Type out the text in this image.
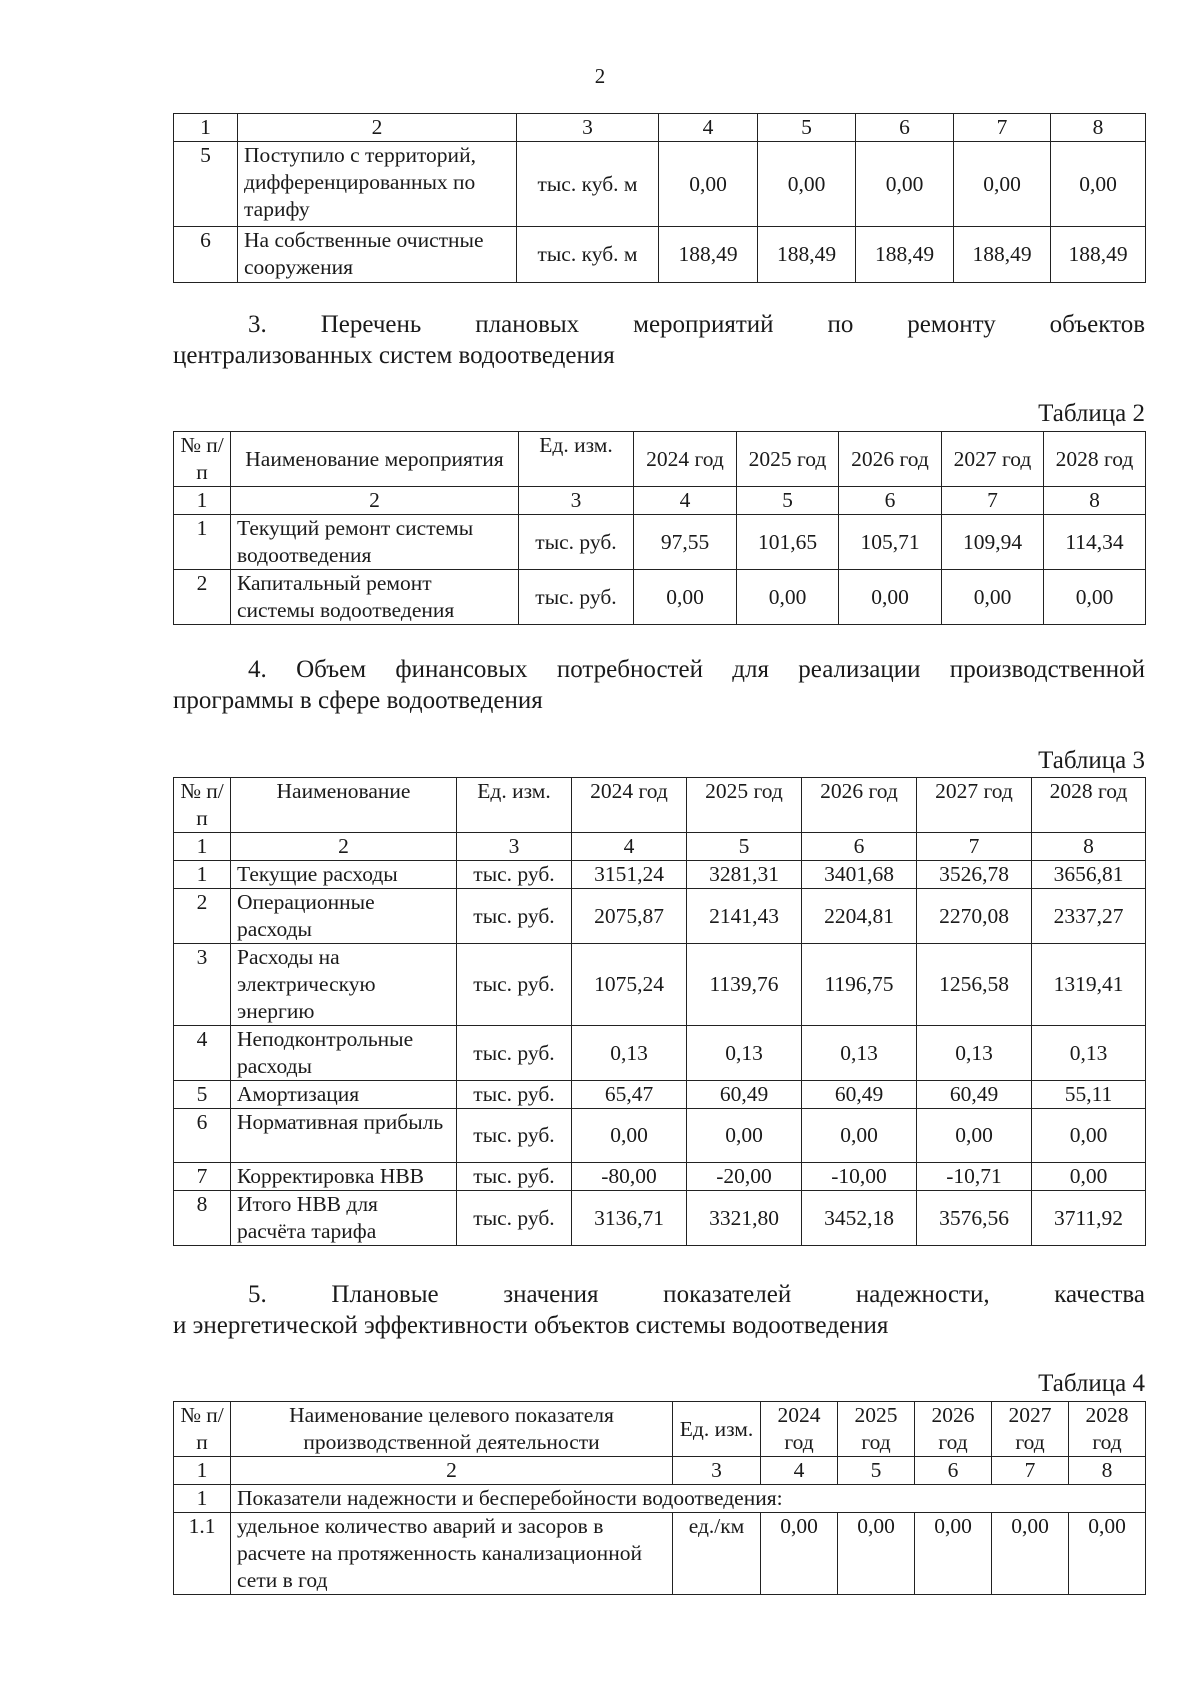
2
1	2	3	4	5	6	7	8
5	Поступило с территорий, дифференцированных по тарифу	тыс. куб. м	0,00	0,00	0,00	0,00	0,00
6	На собственные очистные сооружения	тыс. куб. м	188,49	188,49	188,49	188,49	188,49
3. Перечень плановых мероприятий по ремонту объектов
централизованных систем водоотведения
Таблица 2
№ п/п	Наименование мероприятия	Ед. изм.	2024 год	2025 год	2026 год	2027 год	2028 год
1	2	3	4	5	6	7	8
1	Текущий ремонт системы водоотведения	тыс. руб.	97,55	101,65	105,71	109,94	114,34
2	Капитальный ремонт системы водоотведения	тыс. руб.	0,00	0,00	0,00	0,00	0,00
4. Объем финансовых потребностей для реализации производственной
программы в сфере водоотведения
Таблица 3
№ п/п	Наименование	Ед. изм.	2024 год	2025 год	2026 год	2027 год	2028 год
1	2	3	4	5	6	7	8
1	Текущие расходы	тыс. руб.	3151,24	3281,31	3401,68	3526,78	3656,81
2	Операционные расходы	тыс. руб.	2075,87	2141,43	2204,81	2270,08	2337,27
3	Расходы на электрическую энергию	тыс. руб.	1075,24	1139,76	1196,75	1256,58	1319,41
4	Неподконтрольные расходы	тыс. руб.	0,13	0,13	0,13	0,13	0,13
5	Амортизация	тыс. руб.	65,47	60,49	60,49	60,49	55,11
6	Нормативная прибыль	тыс. руб.	0,00	0,00	0,00	0,00	0,00
7	Корректировка НВВ	тыс. руб.	-80,00	-20,00	-10,00	-10,71	0,00
8	Итого НВВ для расчёта тарифа	тыс. руб.	3136,71	3321,80	3452,18	3576,56	3711,92
5. Плановые значения показателей надежности, качества
и энергетической эффективности объектов системы водоотведения
Таблица 4
№ п/п	Наименование целевого показателя производственной деятельности	Ед. изм.	2024 год	2025 год	2026 год	2027 год	2028 год
1	2	3	4	5	6	7	8
1	Показатели надежности и бесперебойности водоотведения:						
1.1	удельное количество аварий и засоров в расчете на протяженность канализационной сети в год	ед./км	0,00	0,00	0,00	0,00	0,00
